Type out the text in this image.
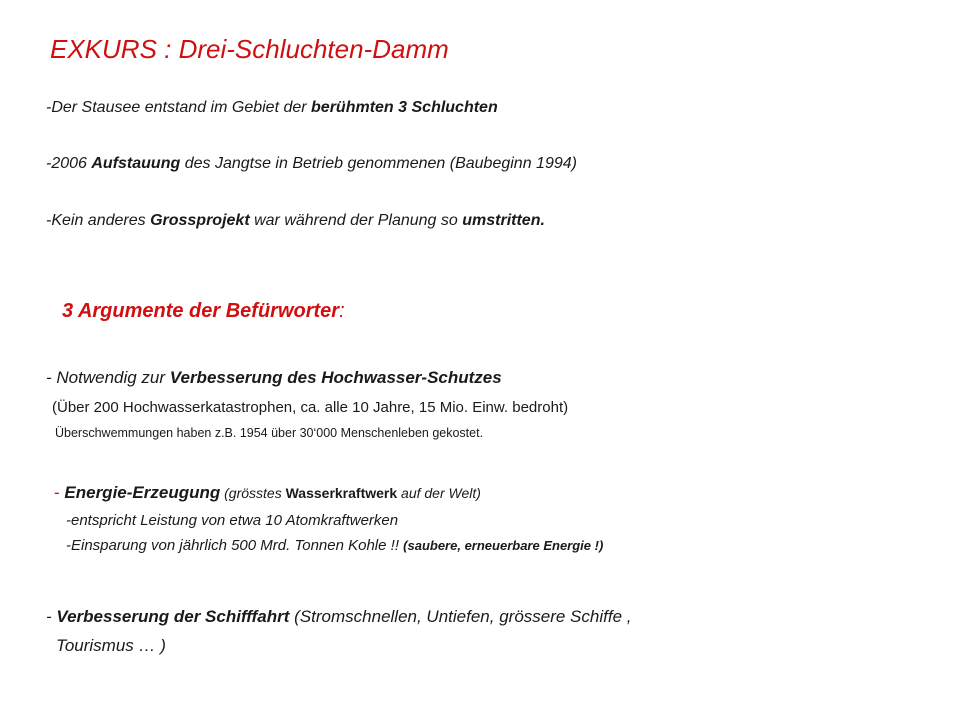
EXKURS : Drei-Schluchten-Damm
-Der Stausee entstand im Gebiet der berühmten 3 Schluchten
-2006 Aufstauung des Jangtse in Betrieb genommenen (Baubeginn 1994)
-Kein anderes Grossprojekt war während der Planung so umstritten.
3 Argumente der Befürworter:
- Notwendig zur Verbesserung des Hochwasser-Schutzes
(Über 200 Hochwasserkatastrophen, ca. alle 10 Jahre, 15 Mio. Einw. bedroht)
Überschwemmungen haben z.B. 1954 über 30‘000 Menschenleben gekostet.
- Energie-Erzeugung (grösstes Wasserkraftwerk auf der Welt)
-entspricht Leistung von etwa 10 Atomkraftwerken
-Einsparung von jährlich 500 Mrd. Tonnen Kohle !! (saubere, erneuerbare Energie !)
- Verbesserung der Schifffahrt (Stromschnellen, Untiefen, grössere Schiffe ,
Tourismus … )
